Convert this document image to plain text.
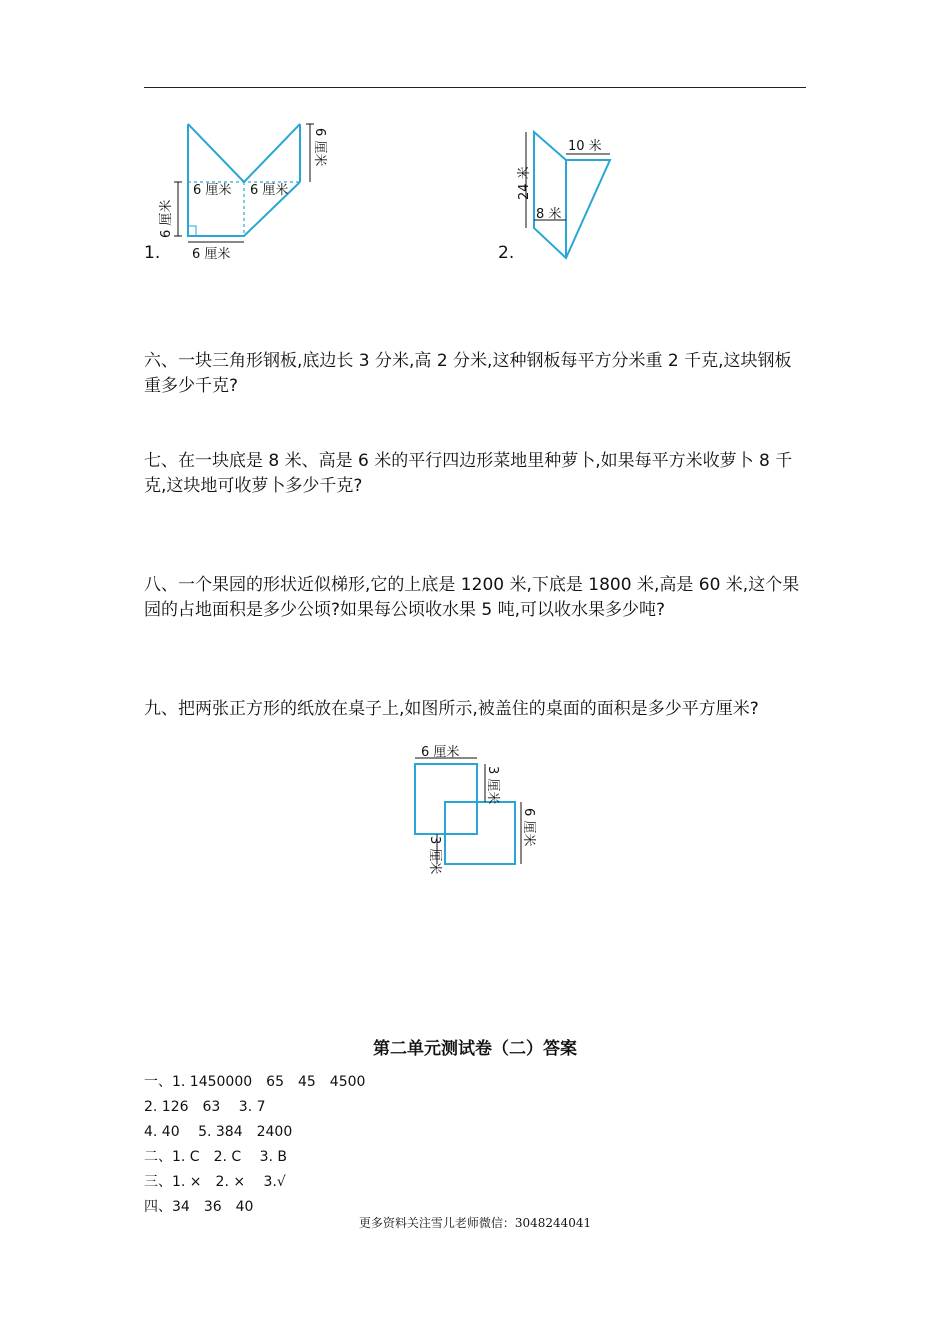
1.
6 厘米 6 厘米
6 厘米
6 厘米
6 厘米
2.
10 米
24 米
8 米
六、一块三角形钢板,底边长 3 分米,高 2 分米,这种钢板每平方分米重 2 千克,这块钢板重多少千克?
七、在一块底是 8 米、高是 6 米的平行四边形菜地里种萝卜,如果每平方米收萝卜 8 千克,这块地可收萝卜多少千克?
八、一个果园的形状近似梯形,它的上底是 1200 米,下底是 1800 米,高是 60 米,这个果园的占地面积是多少公顷?如果每公顷收水果 5 吨,可以收水果多少吨?
九、把两张正方形的纸放在桌子上,如图所示,被盖住的桌面的面积是多少平方厘米?
6 厘米
3 厘米
6 厘米
3 厘米
第二单元测试卷（二）答案
一、1. 1450000　65　45　4500
2. 126　63　 3. 7
4. 40　 5. 384　2400
二、1. C　2. C　 3. B
三、1. ×　2. ×　 3.√
四、34　36　40
更多资料关注雪儿老师微信：3048244041
